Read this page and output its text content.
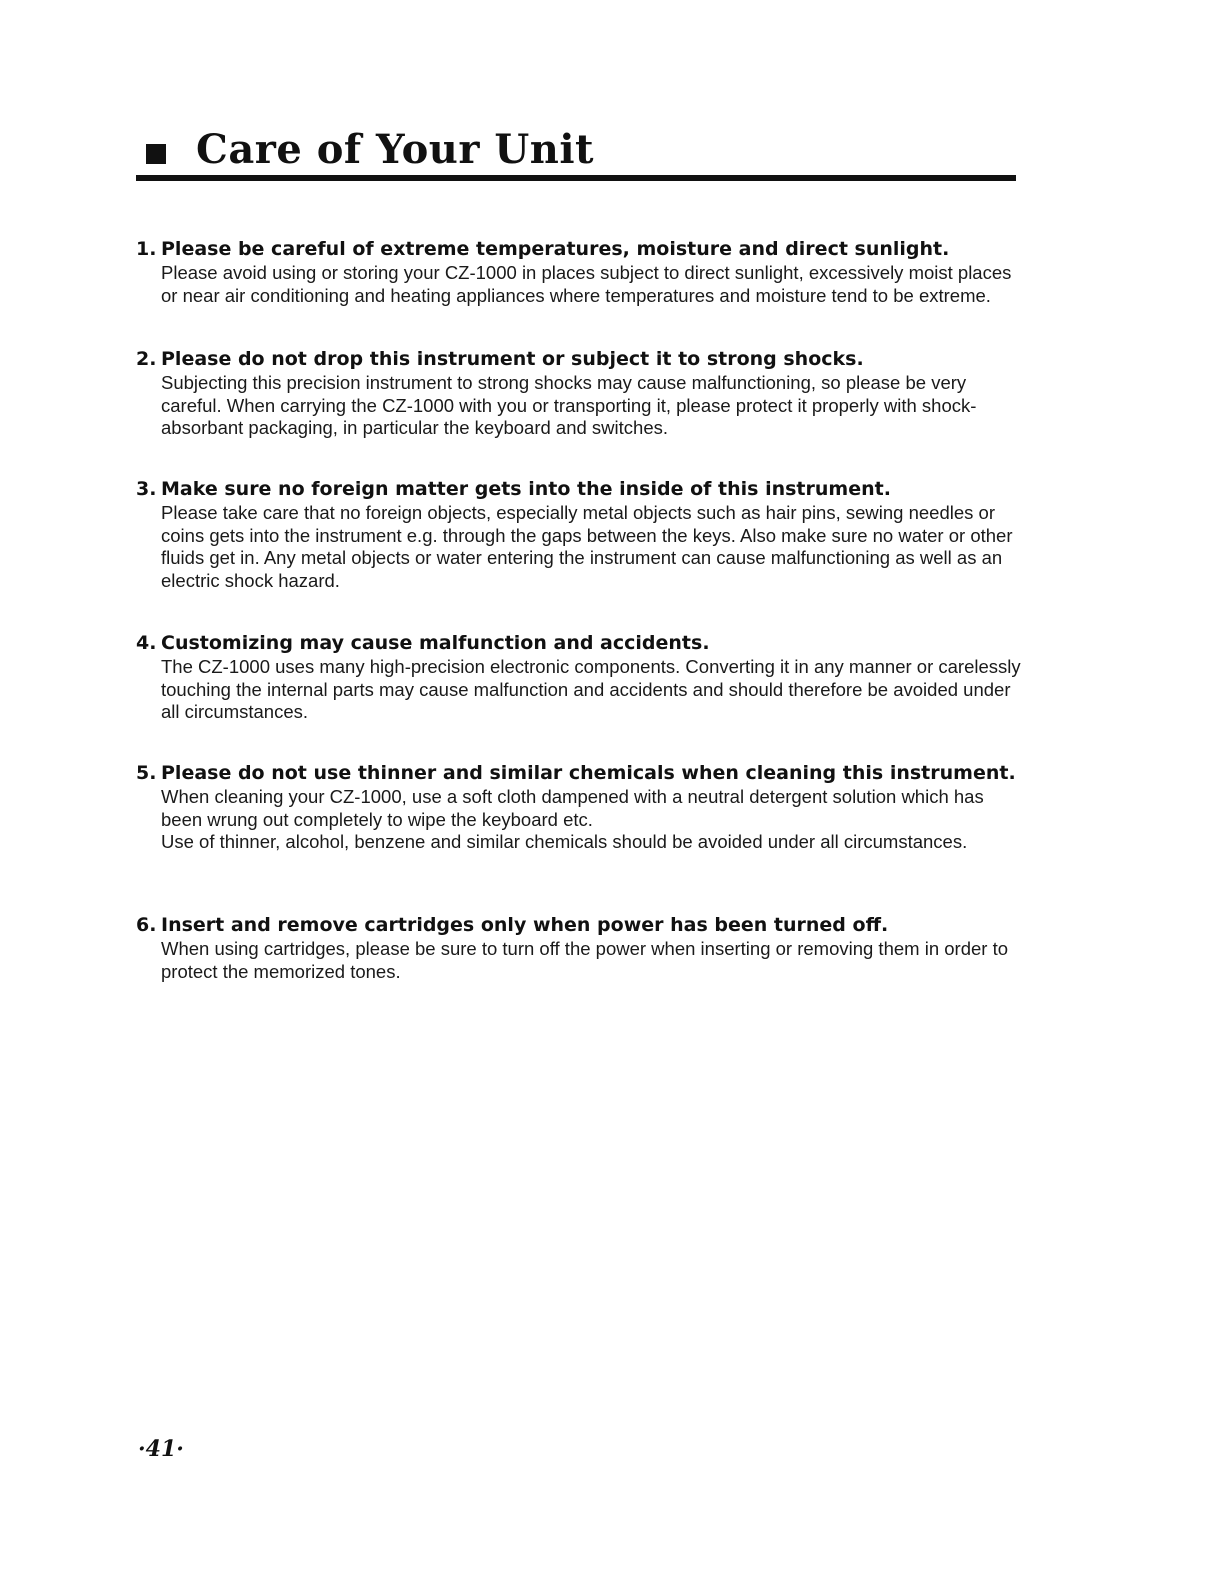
Care of Your Unit
1. Please be careful of extreme temperatures, moisture and direct sunlight.

Please avoid using or storing your CZ-1000 in places subject to direct sunlight, excessively moist places or near air conditioning and heating appliances where temperatures and moisture tend to be extreme.

2. Please do not drop this instrument or subject it to strong shocks.

Subjecting this precision instrument to strong shocks may cause malfunctioning, so please be very careful. When carrying the CZ-1000 with you or transporting it, please protect it properly with shock-absorbant packaging, in particular the keyboard and switches.

3. Make sure no foreign matter gets into the inside of this instrument.

Please take care that no foreign objects, especially metal objects such as hair pins, sewing needles or coins gets into the instrument e.g. through the gaps between the keys. Also make sure no water or other fluids get in. Any metal objects or water entering the instrument can cause malfunctioning as well as an electric shock hazard.

4. Customizing may cause malfunction and accidents.

The CZ-1000 uses many high-precision electronic components. Converting it in any manner or carelessly touching the internal parts may cause malfunction and accidents and should therefore be avoided under all circumstances.

5. Please do not use thinner and similar chemicals when cleaning this instrument.

When cleaning your CZ-1000, use a soft cloth dampened with a neutral detergent solution which has been wrung out completely to wipe the keyboard etc.

Use of thinner, alcohol, benzene and similar chemicals should be avoided under all circumstances.

6. Insert and remove cartridges only when power has been turned off.

When using cartridges, please be sure to turn off the power when inserting or removing them in order to protect the memorized tones.

·41·
